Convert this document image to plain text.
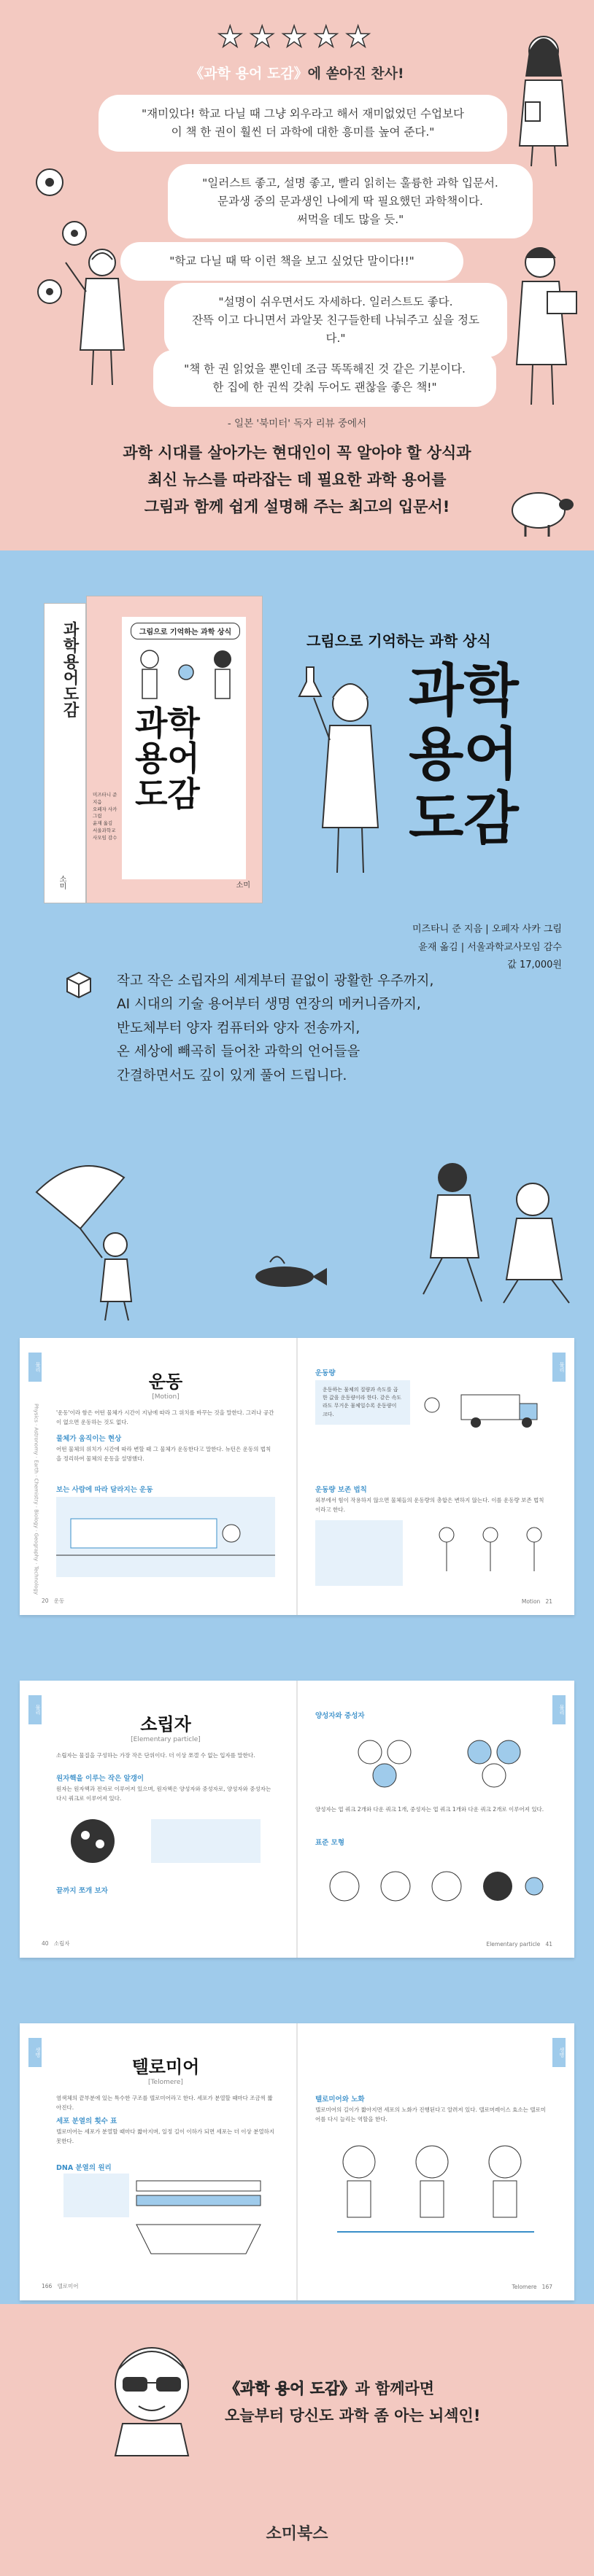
★★★★★
《과학 용어 도감》에 쏟아진 찬사!
"재미있다! 학교 다닐 때 그냥 외우라고 해서 재미없었던 수업보다
이 책 한 권이 훨씬 더 과학에 대한 흥미를 높여 준다."
"일러스트 좋고, 설명 좋고, 빨리 읽히는 훌륭한 과학 입문서.
문과생 중의 문과생인 나에게 딱 필요했던 과학책이다.
써먹을 데도 많을 듯."
"학교 다닐 때 딱 이런 책을 보고 싶었단 말이다!!"
"설명이 쉬우면서도 자세하다. 일러스트도 좋다.
잔뜩 이고 다니면서 과알못 친구들한테 나눠주고 싶을 정도다."
"책 한 권 읽었을 뿐인데 조금 똑똑해진 것 같은 기분이다.
한 집에 한 권씩 갖춰 두어도 괜찮을 좋은 책!"
- 일본 '북미터' 독자 리뷰 중에서
과학 시대를 살아가는 현대인이 꼭 알아야 할 상식과
최신 뉴스를 따라잡는 데 필요한 과학 용어를
그림과 함께 쉽게 설명해 주는 최고의 입문서!
과학용어도감
소미
그림으로 기억하는 과학 상식
과학
용어
도감
미즈타니 준 지음
오페자 사카 그림
윤재 옮김
서울과학교사모임 감수
소미
그림으로 기억하는 과학 상식
과학
용어
도감
미즈타니 준 지음 | 오페자 사카 그림
윤재 옮김 | 서울과학교사모임 감수
값 17,000원
작고 작은 소립자의 세계부터 끝없이 광활한 우주까지,
AI 시대의 기술 용어부터 생명 연장의 메커니즘까지,
반도체부터 양자 컴퓨터와 양자 전송까지,
온 세상에 빼곡히 들어찬 과학의 언어들을
간결하면서도 깊이 있게 풀어 드립니다.
물리
Physics · Astronomy · Earth · Chemistry · Biology · Geography · Technology
운동
[Motion]
'운동'이라 함은 어떤 물체가 시간이 지남에 따라 그 위치를 바꾸는 것을 말한다. 그러나 공간이 없으면 운동하는 것도 없다.
물체가 움직이는 현상
어떤 물체의 위치가 시간에 따라 변할 때 그 물체가 운동한다고 말한다. 뉴턴은 운동의 법칙을 정리하여 물체의 운동을 설명했다.
보는 사람에 따라 달라지는 운동
20 운동
물리
운동량
운동하는 물체의 질량과 속도를 곱한 값을 운동량이라 한다. 같은 속도라도 무거운 물체일수록 운동량이 크다.
운동량 보존 법칙
외부에서 힘이 작용하지 않으면 물체들의 운동량의 총합은 변하지 않는다. 이를 운동량 보존 법칙이라고 한다.
Motion 21
물리
소립자
[Elementary particle]
소립자는 물질을 구성하는 가장 작은 단위이다. 더 이상 쪼갤 수 없는 입자를 말한다.
원자핵을 이루는 작은 알갱이
원자는 원자핵과 전자로 이루어져 있으며, 원자핵은 양성자와 중성자로, 양성자와 중성자는 다시 쿼크로 이루어져 있다.
끝까지 쪼개 보자
40 소립자
물리
양성자와 중성자
양성자는 업 쿼크 2개와 다운 쿼크 1개, 중성자는 업 쿼크 1개와 다운 쿼크 2개로 이루어져 있다.
표준 모형
Elementary particle 41
생명
텔로미어
[Telomere]
염색체의 끝부분에 있는 특수한 구조를 텔로미어라고 한다. 세포가 분열할 때마다 조금씩 짧아진다.
세포 분열의 횟수 표
텔로미어는 세포가 분열할 때마다 짧아지며, 일정 길이 이하가 되면 세포는 더 이상 분열하지 못한다.
DNA 분열의 원리
166 텔로미어
생명
텔로미어와 노화
텔로미어의 길이가 짧아지면 세포의 노화가 진행된다고 알려져 있다. 텔로머레이스 효소는 텔로미어를 다시 늘리는 역할을 한다.
Telomere 167
《과학 용어 도감》과 함께라면
오늘부터 당신도 과학 좀 아는 뇌섹인!
소미북스
